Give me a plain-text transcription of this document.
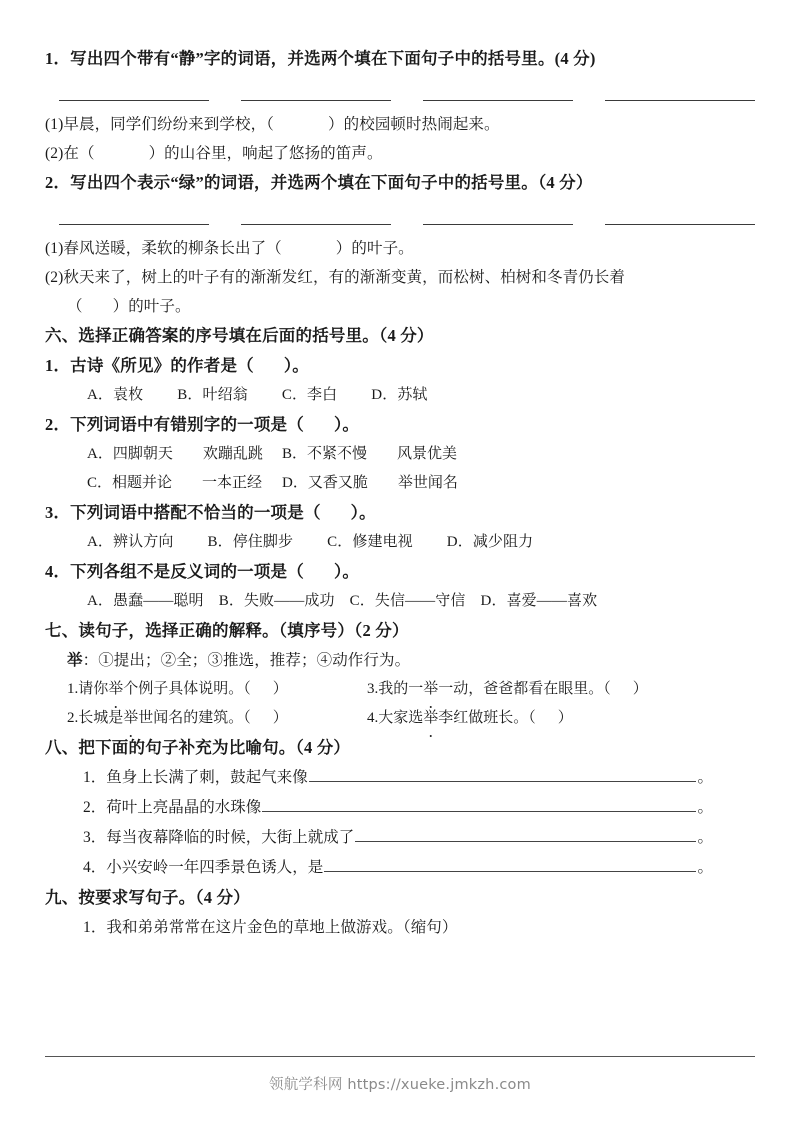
1．写出四个带有“静”字的词语，并选两个填在下面句子中的括号里。(4 分)
(1)早晨，同学们纷纷来到学校，（	）的校园顿时热闹起来。
(2)在（	）的山谷里，响起了悠扬的笛声。
2．写出四个表示“绿”的词语，并选两个填在下面句子中的括号里。（4 分）
(1)春风送暖，柔软的柳条长出了（	）的叶子。
(2)秋天来了，树上的叶子有的渐渐发红，有的渐渐变黄，而松树、柏树和冬青仍长着
（ ）的叶子。
六、选择正确答案的序号填在后面的括号里。（4 分）
1．古诗《所见》的作者是（ ）。
A．袁枚　　 B．叶绍翁　　 C．李白　　 D．苏轼
2．下列词语中有错别字的一项是（ ）。
A．四脚朝天　　欢蹦乱跳 B．不紧不慢　　风景优美
C．相题并论　　一本正经 D．又香又脆　　举世闻名
3．下列词语中搭配不恰当的一项是（ ）。
A．辨认方向　　 B．停住脚步　　 C．修建电视　　 D．减少阻力
4．下列各组不是反义词的一项是（ ）。
A．愚蠢——聪明　B．失败——成功　C．失信——守信　D．喜爱——喜欢
七、读句子，选择正确的解释。（填序号）（2 分）
举：①提出；②全；③推选，推荐；④动作行为。
1.请你举个例子具体说明。（ ）	3.我的一举一动，爸爸都看在眼里。（ ）
2.长城是举世闻名的建筑。（ ）	4.大家选举李红做班长。（ ）
八、把下面的句子补充为比喻句。（4 分）
1．鱼身上长满了刺，鼓起气来像	。
2．荷叶上亮晶晶的水珠像	。
3．每当夜幕降临的时候，大街上就成了	。
4．小兴安岭一年四季景色诱人，是	。
九、按要求写句子。（4 分）
1．我和弟弟常常在这片金色的草地上做游戏。（缩句）
领航学科网 https://xueke.jmkzh.com
